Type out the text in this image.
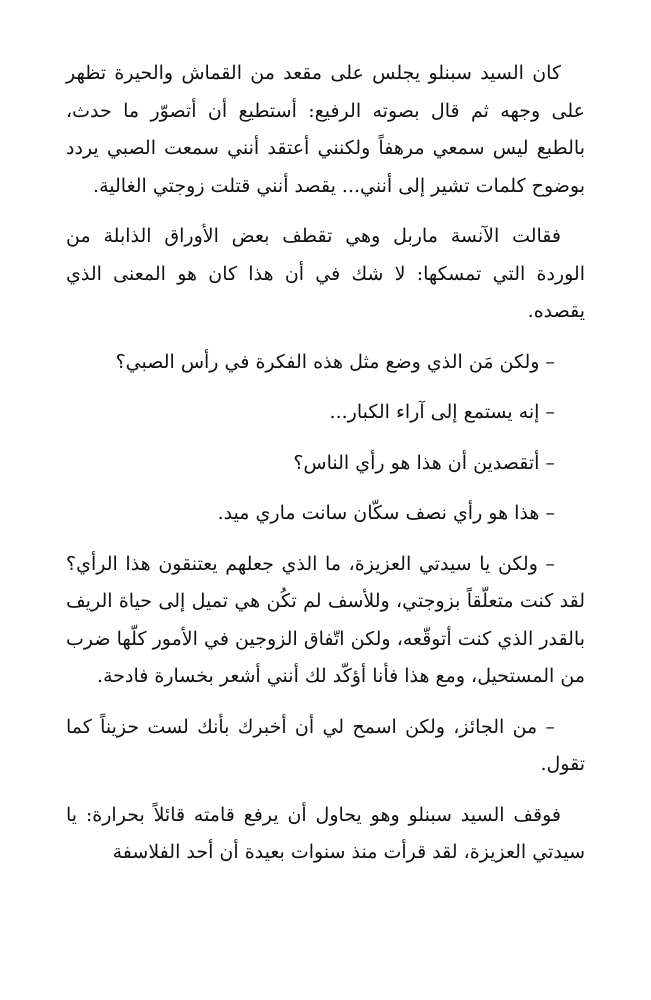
كان السيد سبنلو يجلس على مقعد من القماش والحيرة تظهر على وجهه ثم قال بصوته الرفيع: أستطيع أن أتصوّر ما حدث، بالطبع ليس سمعي مرهفاً ولكنني أعتقد أنني سمعت الصبي يردد بوضوح كلمات تشير إلى أنني... يقصد أنني قتلت زوجتي الغالية.

فقالت الآنسة ماربل وهي تقطف بعض الأوراق الذابلة من الوردة التي تمسكها: لا شك في أن هذا كان هو المعنى الذي يقصده.

– ولكن مَن الذي وضع مثل هذه الفكرة في رأس الصبي؟

– إنه يستمع إلى آراء الكبار...

– أتقصدين أن هذا هو رأي الناس؟

– هذا هو رأي نصف سكّان سانت ماري ميد.

– ولكن يا سيدتي العزيزة، ما الذي جعلهم يعتنقون هذا الرأي؟ لقد كنت متعلّقاً بزوجتي، وللأسف لم تكُن هي تميل إلى حياة الريف بالقدر الذي كنت أتوقّعه، ولكن اتّفاق الزوجين في الأمور كلّها ضرب من المستحيل، ومع هذا فأنا أؤكّد لك أنني أشعر بخسارة فادحة.

– من الجائز، ولكن اسمح لي أن أخبرك بأنك لست حزيناً كما تقول.

فوقف السيد سبنلو وهو يحاول أن يرفع قامته قائلاً بحرارة: يا سيدتي العزيزة، لقد قرأت منذ سنوات بعيدة أن أحد الفلاسفة
